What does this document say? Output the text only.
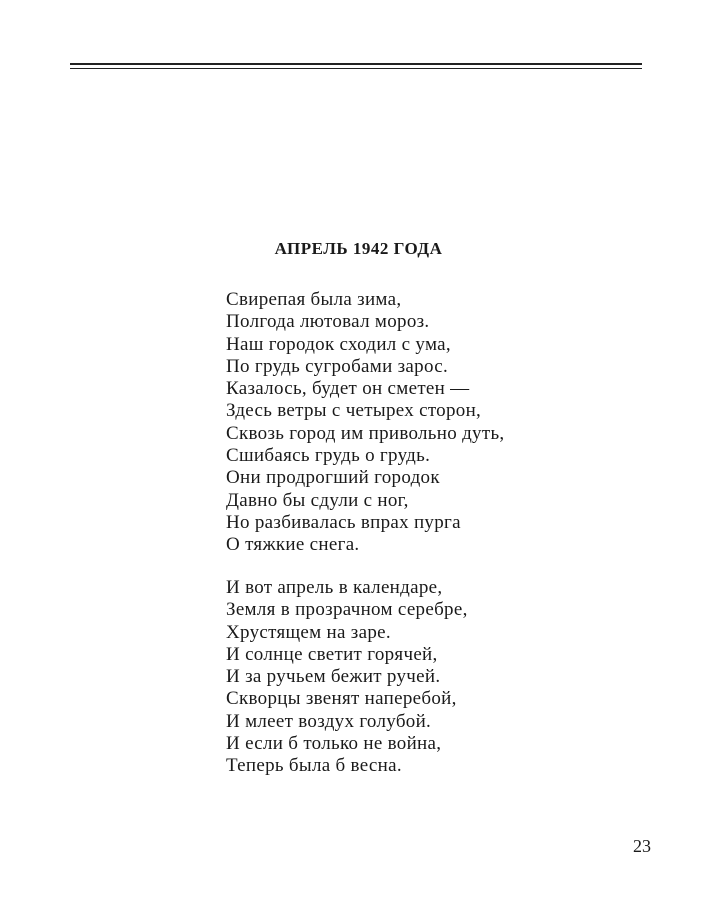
АПРЕЛЬ 1942 ГОДА
Свирепая была зима,
Полгода лютовал мороз.
Наш городок сходил с ума,
По грудь сугробами зарос.
Казалось, будет он сметен —
Здесь ветры с четырех сторон,
Сквозь город им привольно дуть,
Сшибаясь грудь о грудь.
Они продрогший городок
Давно бы сдули с ног,
Но разбивалась впрах пурга
О тяжкие снега.
И вот апрель в календаре,
Земля в прозрачном серебре,
Хрустящем на заре.
И солнце светит горячей,
И за ручьем бежит ручей.
Скворцы звенят наперебой,
И млеет воздух голубой.
И если б только не война,
Теперь была б весна.
23
